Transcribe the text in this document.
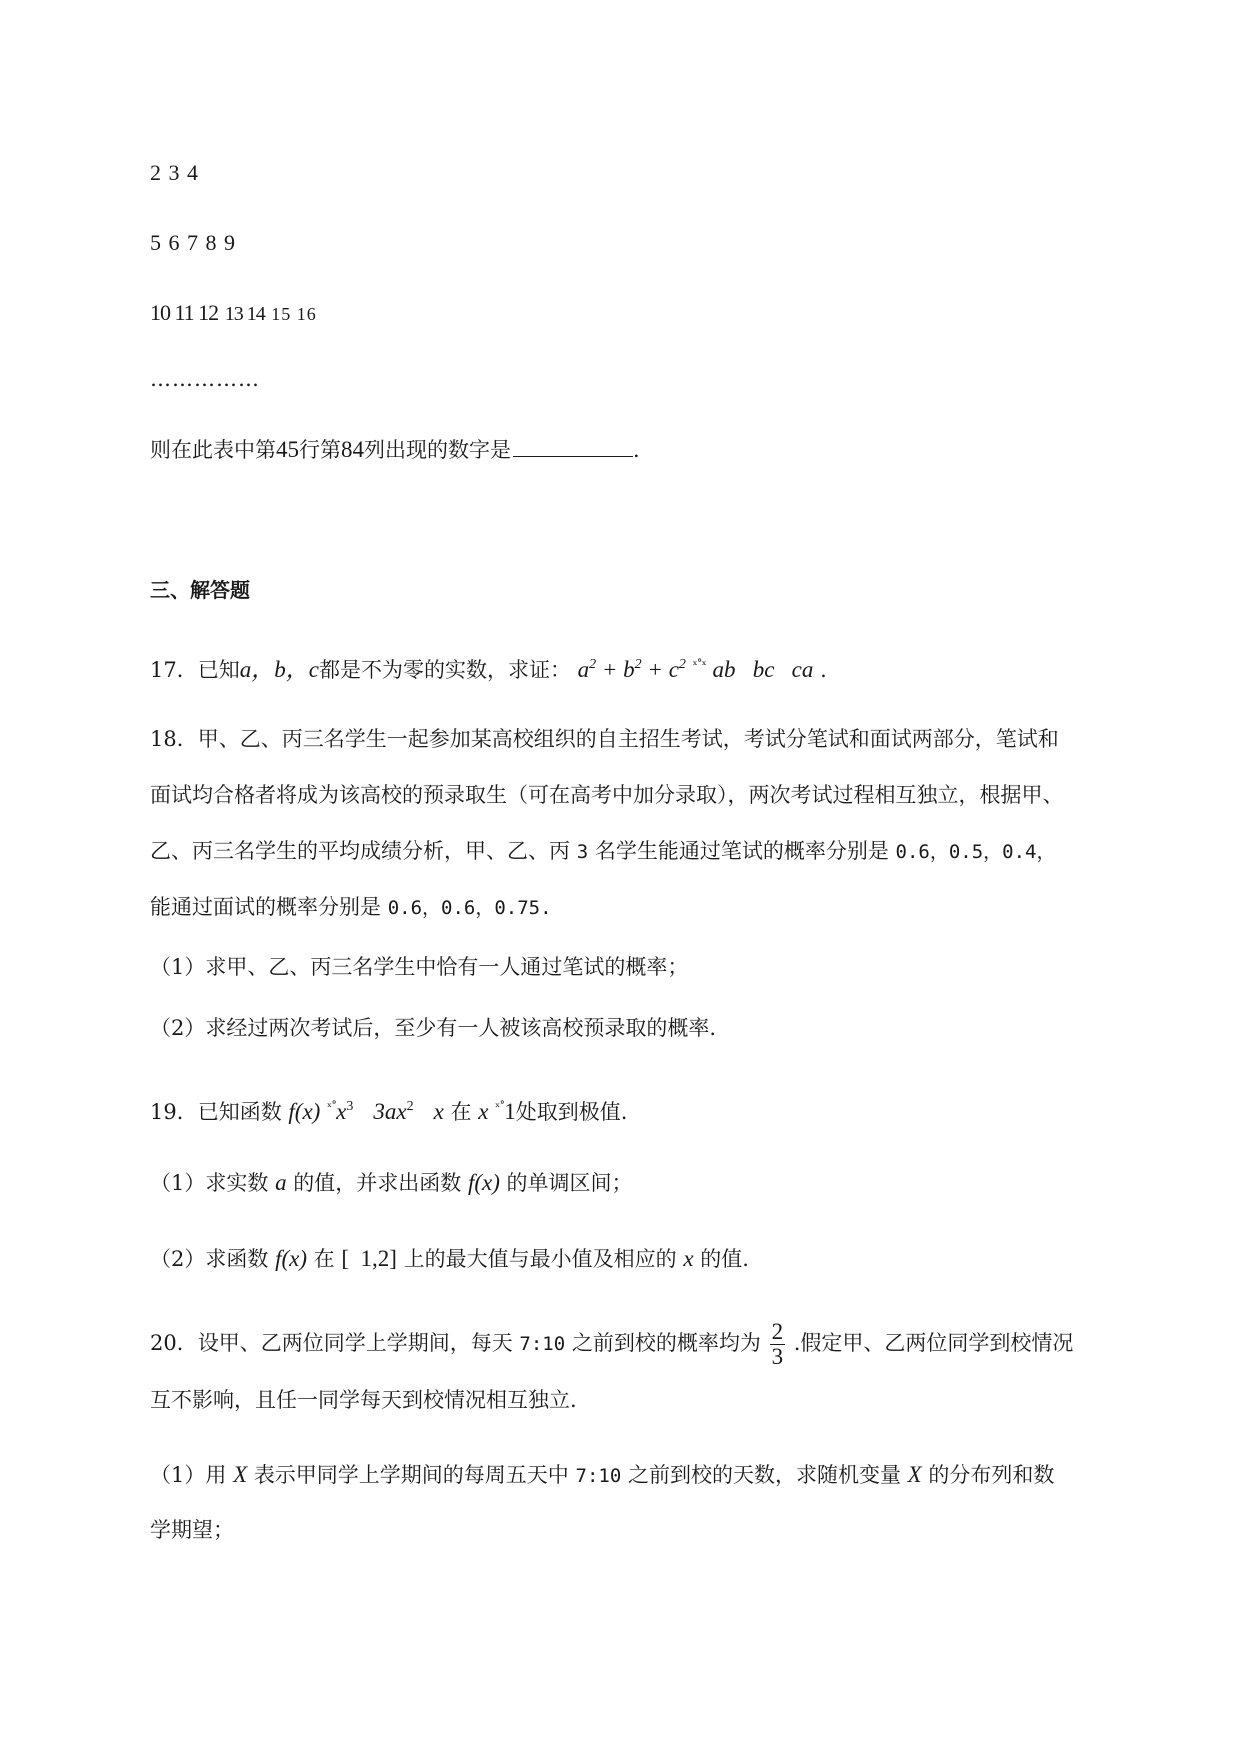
2 3 4
5 6 7 8 9
10 11 12 13 14 15 16
……………
则在此表中第45行第84列出现的数字是	.
三、解答题
17．已知a，b，c都是不为零的实数，求证： $a^2 + b^2 + c^2$ $^{ˣ˚ˣ}$ ab   bc   ca .
18．甲、乙、丙三名学生一起参加某高校组织的自主招生考试，考试分笔试和面试两部分，笔试和
面试均合格者将成为该高校的预录取生（可在高考中加分录取），两次考试过程相互独立，根据甲、
乙、丙三名学生的平均成绩分析，甲、乙、丙 3 名学生能通过笔试的概率分别是 0.6，0.5，0.4，
能通过面试的概率分别是 0.6，0.6，0.75.
（1）求甲、乙、丙三名学生中恰有一人通过笔试的概率；
（2）求经过两次考试后，至少有一人被该高校预录取的概率.
19．已知函数 f(x) $^{ˣ˚}x^3$ $3ax^2$ x 在 x $^{ˣ˚}$1处取到极值.
（1）求实数 a 的值，并求出函数 f(x) 的单调区间；
（2）求函数 f(x) 在 [  1,2] 上的最大值与最小值及相应的 x 的值.
20．设甲、乙两位同学上学期间，每天 7:10 之前到校的概率均为 $\frac{2}{3}$ .假定甲、乙两位同学到校情况
互不影响，且任一同学每天到校情况相互独立.
（1）用 X 表示甲同学上学期间的每周五天中 7:10 之前到校的天数，求随机变量 X 的分布列和数
学期望；
